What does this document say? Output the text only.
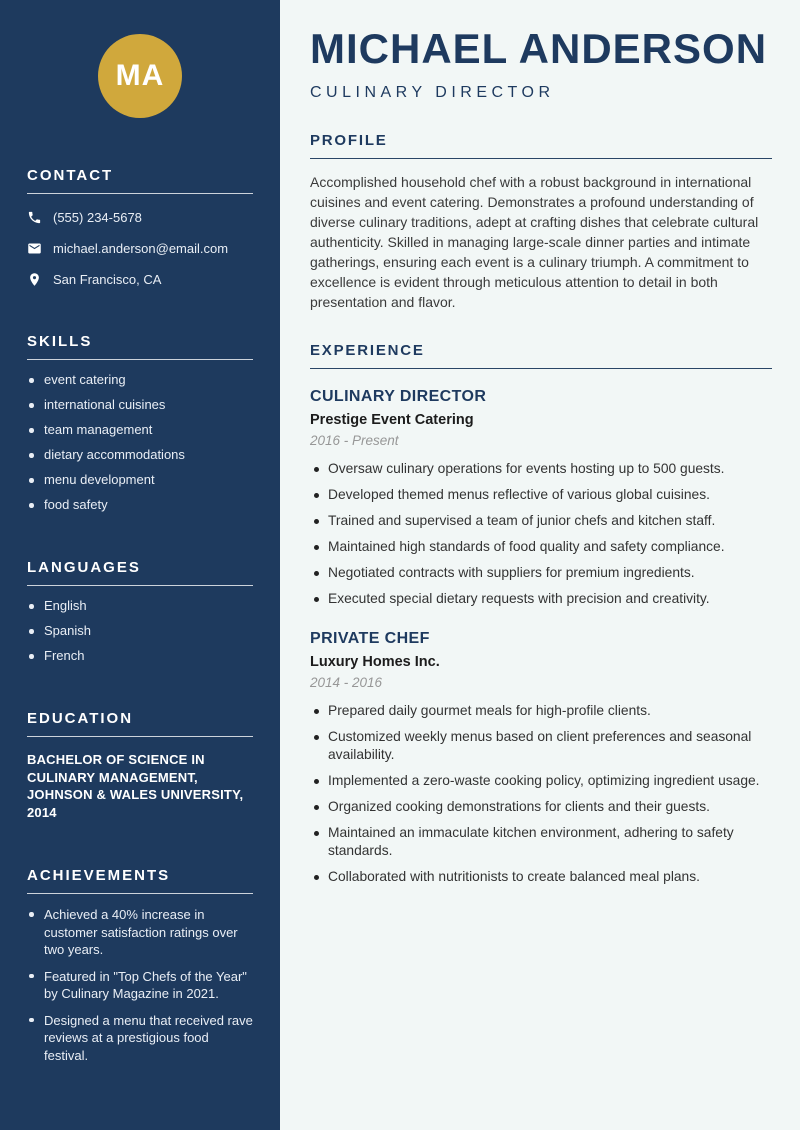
MA
CONTACT
(555) 234-5678
michael.anderson@email.com
San Francisco, CA
SKILLS
event catering
international cuisines
team management
dietary accommodations
menu development
food safety
LANGUAGES
English
Spanish
French
EDUCATION
BACHELOR OF SCIENCE IN CULINARY MANAGEMENT, JOHNSON & WALES UNIVERSITY, 2014
ACHIEVEMENTS
Achieved a 40% increase in customer satisfaction ratings over two years.
Featured in "Top Chefs of the Year" by Culinary Magazine in 2021.
Designed a menu that received rave reviews at a prestigious food festival.
MICHAEL ANDERSON
CULINARY DIRECTOR
PROFILE

Accomplished household chef with a robust background in international cuisines and event catering. Demonstrates a profound understanding of diverse culinary traditions, adept at crafting dishes that celebrate cultural authenticity. Skilled in managing large-scale dinner parties and intimate gatherings, ensuring each event is a culinary triumph. A commitment to excellence is evident through meticulous attention to detail in both presentation and flavor.

EXPERIENCE
CULINARY DIRECTOR
Prestige Event Catering
2016 - Present
Oversaw culinary operations for events hosting up to 500 guests.
Developed themed menus reflective of various global cuisines.
Trained and supervised a team of junior chefs and kitchen staff.
Maintained high standards of food quality and safety compliance.
Negotiated contracts with suppliers for premium ingredients.
Executed special dietary requests with precision and creativity.
PRIVATE CHEF
Luxury Homes Inc.
2014 - 2016
Prepared daily gourmet meals for high-profile clients.
Customized weekly menus based on client preferences and seasonal availability.
Implemented a zero-waste cooking policy, optimizing ingredient usage.
Organized cooking demonstrations for clients and their guests.
Maintained an immaculate kitchen environment, adhering to safety standards.
Collaborated with nutritionists to create balanced meal plans.
